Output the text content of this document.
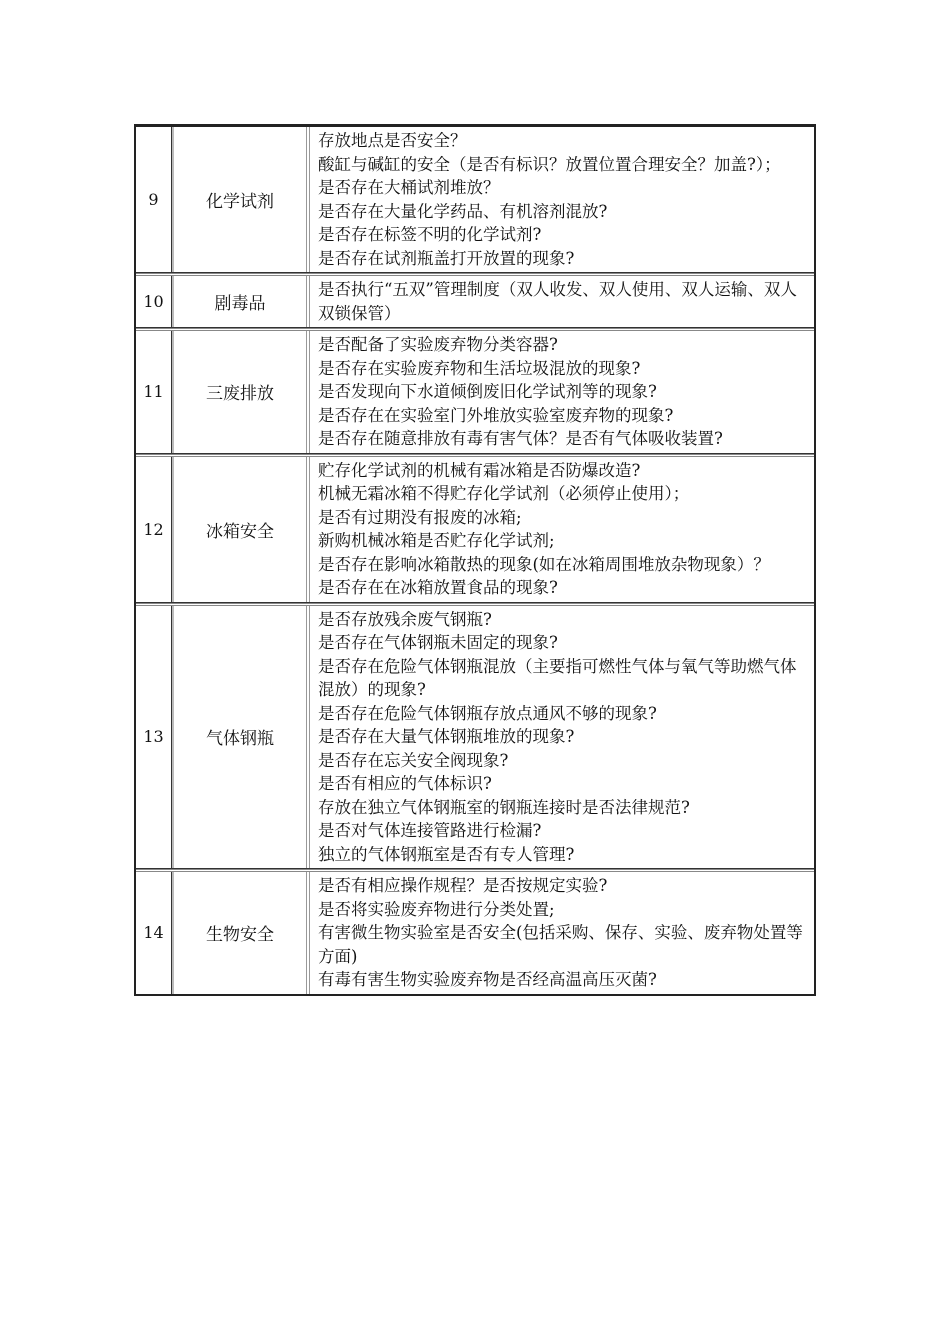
9	化学试剂
存放地点是否安全？
酸缸与碱缸的安全（是否有标识？放置位置合理安全？加盖?）；
是否存在大桶试剂堆放？
是否存在大量化学药品、有机溶剂混放?
是否存在标签不明的化学试剂?
是否存在试剂瓶盖打开放置的现象?
10	剧毒品
是否执行“五双”管理制度（双人收发、双人使用、双人运输、双人双锁保管）
11	三废排放
是否配备了实验废弃物分类容器?
是否存在实验废弃物和生活垃圾混放的现象?
是否发现向下水道倾倒废旧化学试剂等的现象?
是否存在在实验室门外堆放实验室废弃物的现象?
是否存在随意排放有毒有害气体？是否有气体吸收装置?
12	冰箱安全
贮存化学试剂的机械有霜冰箱是否防爆改造?
机械无霜冰箱不得贮存化学试剂（必须停止使用）；
是否有过期没有报废的冰箱;
新购机械冰箱是否贮存化学试剂;
是否存在影响冰箱散热的现象(如在冰箱周围堆放杂物现象）？
是否存在在冰箱放置食品的现象?
13	气体钢瓶
是否存放残余废气钢瓶?
是否存在气体钢瓶未固定的现象?
是否存在危险气体钢瓶混放（主要指可燃性气体与氧气等助燃气体混放）的现象?
是否存在危险气体钢瓶存放点通风不够的现象?
是否存在大量气体钢瓶堆放的现象?
是否存在忘关安全阀现象?
是否有相应的气体标识?
存放在独立气体钢瓶室的钢瓶连接时是否法律规范?
是否对气体连接管路进行检漏?
独立的气体钢瓶室是否有专人管理?
14	生物安全
是否有相应操作规程？是否按规定实验?
是否将实验废弃物进行分类处置;
有害微生物实验室是否安全(包括采购、保存、实验、废弃物处置等方面)
有毒有害生物实验废弃物是否经高温高压灭菌?
